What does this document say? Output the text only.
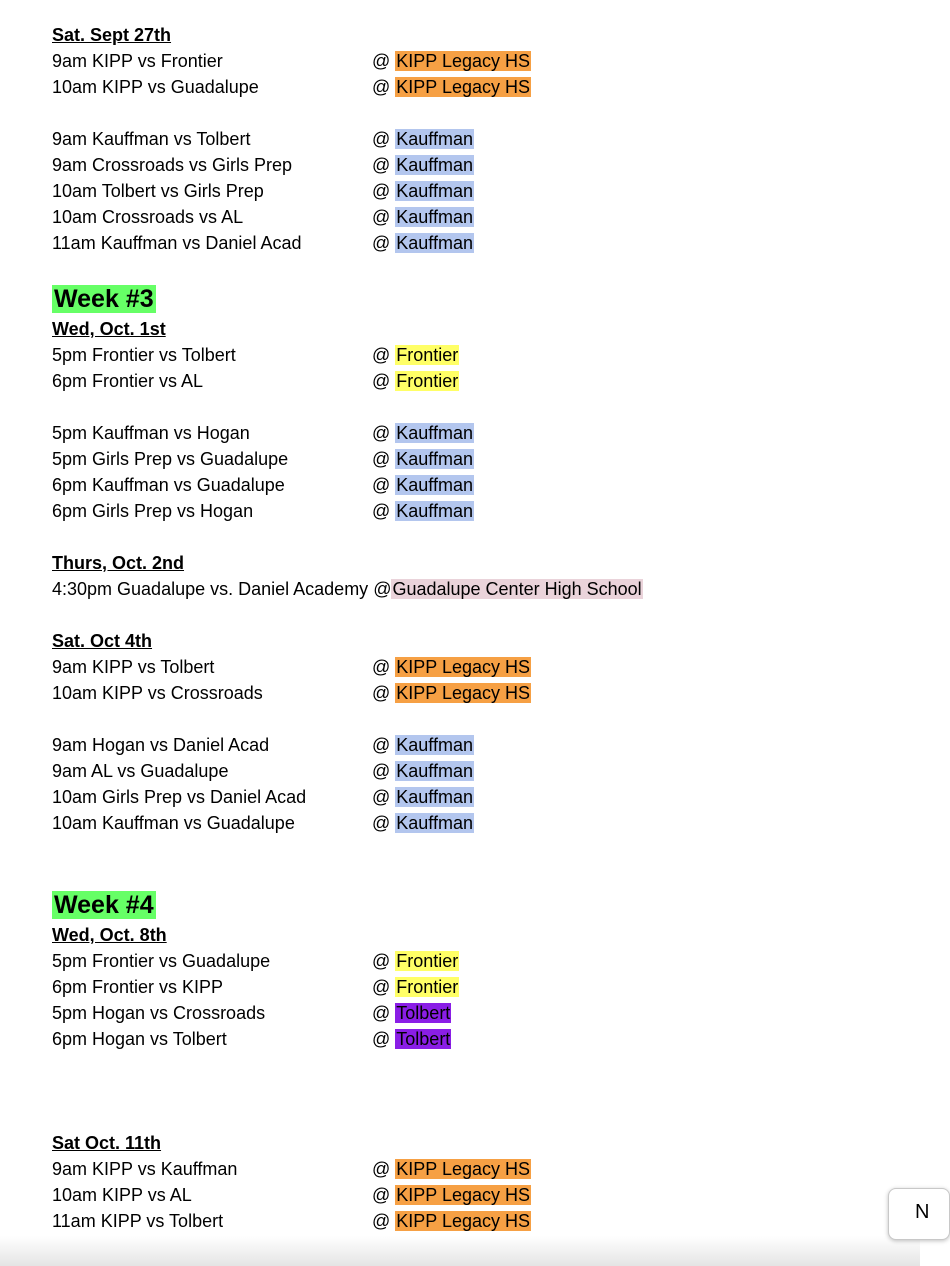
Sat. Sept 27th
9am KIPP vs Frontier	@ KIPP Legacy HS
10am KIPP vs Guadalupe	@ KIPP Legacy HS
9am Kauffman vs Tolbert	@ Kauffman
9am Crossroads vs Girls Prep	@ Kauffman
10am Tolbert vs Girls Prep	@ Kauffman
10am Crossroads vs AL	@ Kauffman
11am Kauffman vs Daniel Acad	@ Kauffman
Week #3
Wed, Oct. 1st
5pm Frontier vs Tolbert	@ Frontier
6pm Frontier vs AL	@ Frontier
5pm Kauffman vs Hogan	@ Kauffman
5pm Girls Prep vs Guadalupe	@ Kauffman
6pm Kauffman vs Guadalupe	@ Kauffman
6pm Girls Prep vs Hogan	@ Kauffman
Thurs, Oct. 2nd
4:30pm Guadalupe vs. Daniel Academy @Guadalupe Center High School
Sat. Oct 4th
9am KIPP vs Tolbert	@ KIPP Legacy HS
10am KIPP vs Crossroads	@ KIPP Legacy HS
9am Hogan vs Daniel Acad	@ Kauffman
9am AL vs Guadalupe	@ Kauffman
10am Girls Prep vs Daniel Acad	@ Kauffman
10am Kauffman vs Guadalupe	@ Kauffman
Week #4
Wed, Oct. 8th
5pm Frontier vs Guadalupe	@ Frontier
6pm Frontier vs KIPP	@ Frontier
5pm Hogan vs Crossroads	@ Tolbert
6pm Hogan vs Tolbert	@ Tolbert
Sat Oct. 11th
9am KIPP vs Kauffman	@ KIPP Legacy HS
10am KIPP vs AL	@ KIPP Legacy HS
11am KIPP vs Tolbert	@ KIPP Legacy HS	N
